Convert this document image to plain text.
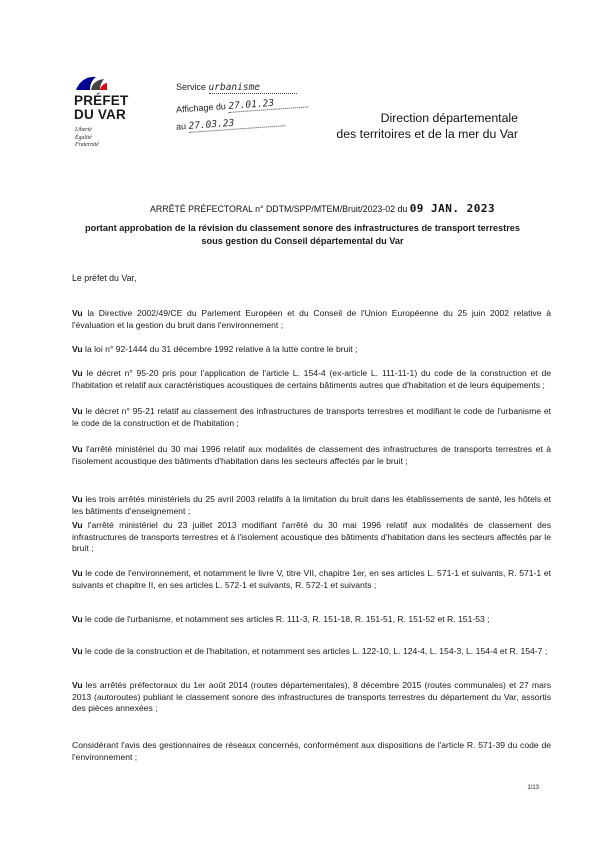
PRÉFET
DU VAR
Liberté
Égalité
Fraternité
Service urbanisme
Affichage du 27.01.23
au 27.03.23	Direction départementale
des territoires et de la mer du Var
ARRÊTÉ PRÉFECTORAL n° DDTM/SPP/MTEM/Bruit/2023-02 du 09 JAN. 2023
portant approbation de la révision du classement sonore des infrastructures de transport terrestres sous gestion du Conseil départemental du Var
Le préfet du Var,

Vu la Directive 2002/49/CE du Parlement Européen et du Conseil de l'Union Européenne du 25 juin 2002 relative à l'évaluation et la gestion du bruit dans l'environnement ;

Vu la loi n° 92-1444 du 31 décembre 1992 relative à la lutte contre le bruit ;

Vu le décret n° 95-20 pris pour l'application de l'article L. 154-4 (ex-article L. 111-11-1) du code de la construction et de l'habitation et relatif aux caractéristiques acoustiques de certains bâtiments autres que d'habitation et de leurs équipements ;

Vu le décret n° 95-21 relatif au classement des infrastructures de transports terrestres et modifiant le code de l'urbanisme et le code de la construction et de l'habitation ;

Vu l'arrêté ministériel du 30 mai 1996 relatif aux modalités de classement des infrastructures de transports terrestres et à l'isolement acoustique des bâtiments d'habitation dans les secteurs affectés par le bruit ;

Vu les trois arrêtés ministériels du 25 avril 2003 relatifs à la limitation du bruit dans les établissements de santé, les hôtels et les bâtiments d'enseignement ;

Vu l'arrêté ministériel du 23 juillet 2013 modifiant l'arrêté du 30 mai 1996 relatif aux modalités de classement des infrastructures de transports terrestres et à l'isolement acoustique des bâtiments d'habitation dans les secteurs affectés par le bruit ;

Vu le code de l'environnement, et notamment le livre V, titre VII, chapitre 1er, en ses articles L. 571-1 et suivants, R. 571-1 et suivants et chapitre II, en ses articles L. 572-1 et suivants, R. 572-1 et suivants ;

Vu le code de l'urbanisme, et notamment ses articles R. 111-3, R. 151-18, R. 151-51, R. 151-52 et R. 151-53 ;

Vu le code de la construction et de l'habitation, et notamment ses articles L. 122-10, L. 124-4, L. 154-3, L. 154-4 et R. 154-7 ;

Vu les arrêtés préfectoraux du 1er août 2014 (routes départementales), 8 décembre 2015 (routes communales) et 27 mars 2013 (autoroutes) publiant le classement sonore des infrastructures de transports terrestres du département du Var, assortis des pièces annexées ;

Considérant l'avis des gestionnaires de réseaux concernés, conformément aux dispositions de l'article R. 571-39 du code de l'environnement ;

1/13
